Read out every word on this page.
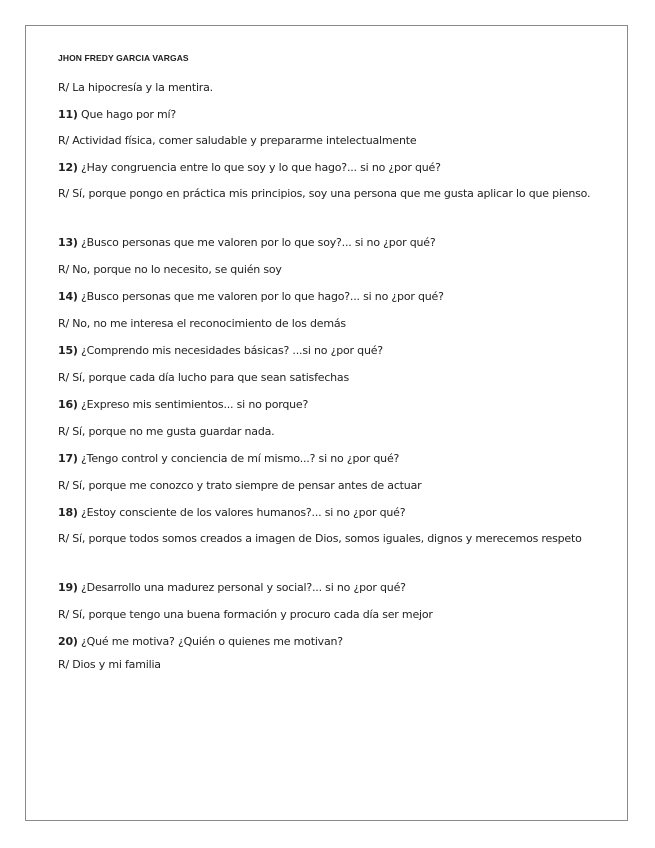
JHON FREDY GARCIA VARGAS
R/ La hipocresía y la mentira.
11) Que hago por mí?
R/ Actividad física, comer saludable y prepararme intelectualmente
12) ¿Hay congruencia entre lo que soy y lo que hago?... si no ¿por qué?
R/ Sí, porque pongo en práctica mis principios, soy una persona que me gusta aplicar lo que pienso.
13) ¿Busco personas que me valoren por lo que soy?... si no ¿por qué?
R/ No, porque no lo necesito, se quién soy
14) ¿Busco personas que me valoren por lo que hago?... si no ¿por qué?
R/ No, no me interesa el reconocimiento de los demás
15) ¿Comprendo mis necesidades básicas? ...si no ¿por qué?
R/ Sí, porque cada día lucho para que sean satisfechas
16) ¿Expreso mis sentimientos... si no porque?
R/ Sí, porque no me gusta guardar nada.
17) ¿Tengo control y conciencia de mí mismo...? si no ¿por qué?
R/ Sí, porque me conozco y trato siempre de pensar antes de actuar
18) ¿Estoy consciente de los valores humanos?... si no ¿por qué?
R/ Sí, porque todos somos creados a imagen de Dios, somos iguales, dignos y merecemos respeto
19) ¿Desarrollo una madurez personal y social?... si no ¿por qué?
R/ Sí, porque tengo una buena formación y procuro cada día ser mejor
20) ¿Qué me motiva? ¿Quién o quienes me motivan?
R/ Dios y mi familia
